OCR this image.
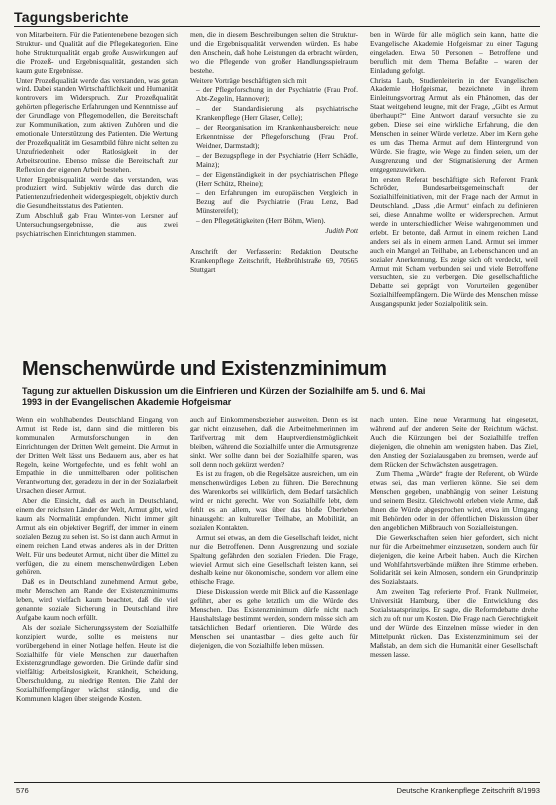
Tagungsberichte

von Mitarbeitern. Für die Patientenebene bezogen sich Struktur- und Qualität auf die Pflegekategorien. Eine hohe Strukturqualität ergab große Auswirkungen auf die Prozeß- und Ergebnisqualität, gestanden sich kaum gute Ergebnisse.

Unter Prozeßqualität werde das verstanden, was getan wird. Dabei standen Wirtschaftlichkeit und Humanität kontrovers im Widerspruch. Zur Prozeßqualität gehörten pflegerische Erfahrungen und Kenntnisse auf der Grundlage von Pflegemodellen, die Bereitschaft zur Kommunikation, zum aktiven Zuhören und die emotionale Unterstützung des Patienten. Die Wertung der Prozeßqualität im Gesamtbild führe nicht selten zu Unzufriedenheit oder Ratlosigkeit in der Arbeitsroutine. Ebenso müsse die Bereitschaft zur Reflexion der eigenen Arbeit bestehen.

Unter Ergebnisqualität werde das verstanden, was produziert wird. Subjektiv würde das durch die Patientenzufriedenheit widergespiegelt, objektiv durch die Gesundheitsstatus des Patienten.

Zum Abschluß gab Frau Winter-von Lersner auf Untersuchungsergebnisse, die aus zwei psychiatrischen Einrichtungen stammen.

men, die in diesem Beschreibungen selten die Struktur- und die Ergebnisqualität verwenden würden. Es habe den Anschein, daß hohe Leistungen da erbracht würden, wo die Pflegende von großer Handlungsspielraum bestehe.

Weitere Vorträge beschäftigten sich mit

– der Pflegeforschung in der Psychiatrie (Frau Prof. Abt-Zegelin, Hannover);

– der Standardisierung als psychiatrische Krankenpflege (Herr Glaser, Celle);

– der Reorganisation im Krankenhausbereich: neue Erkenntnisse der Pflegeforschung (Frau Prof. Weidner, Darmstadt);

– der Bezugspflege in der Psychiatrie (Herr Schädle, Mainz);

– der Eigenständigkeit in der psychiatrischen Pflege (Herr Schütz, Rheine);

– den Erfahrungen im europäischen Vergleich in Bezug auf die Psychiatrie (Frau Lenz, Bad Münstereifel);

– den Pflegetätigkeiten (Herr Böhm, Wien).

Judith Pott

Anschrift der Verfasserin: Redaktion Deutsche Krankenpflege Zeitschrift, Heßbrühlstraße 69, 70565 Stuttgart

ben in Würde für alle möglich sein kann, hatte die Evangelische Akademie Hofgeismar zu einer Tagung eingeladen. Etwa 50 Personen – Betroffene und beruflich mit dem Thema Befaßte – waren der Einladung gefolgt.

Christa Laub, Studienleiterin in der Evangelischen Akademie Hofgeismar, bezeichnete in ihrem Einleitungsvortrag Armut als ein Phänomen, das der Staat weitgehend leugne, mit der Frage, „Gibt es Armut überhaupt?“ Eine Antwort darauf versuchte sie zu geben. Diese sei eine wirkliche Erfahrung, die den Menschen in seiner Würde verletze. Aber im Kern gehe es um das Thema Armut auf dem Hintergrund von Würde. Sie fragte, wie Wege zu finden seien, um der Ausgrenzung und der Stigmatisierung der Armen entgegenzuwirken.

Im ersten Referat beschäftigte sich Referent Frank Schröder, Bundesarbeitsgemeinschaft der Sozialhilfeinitiativen, mit der Frage nach der Armut in Deutschland. „Dass ‚die Armut‘ einfach zu definieren sei, diese Annahme wollte er widersprechen. Armut werde in unterschiedlicher Weise wahrgenommen und erlebt. Er betonte, daß Armut in einem reichen Land anders sei als in einem armen Land. Armut sei immer auch ein Mangel an Teilhabe, an Lebenschancen und an sozialer Anerkennung. Es zeige sich oft verdeckt, weil Armut mit Scham verbunden sei und viele Betroffene versuchten, sie zu verbergen. Die gesellschaftliche Debatte sei geprägt von Vorurteilen gegenüber Sozialhilfeempfängern. Die Würde des Menschen müsse Ausgangspunkt jeder Sozialpolitik sein.

Menschenwürde und Existenzminimum
Tagung zur aktuellen Diskussion um die Einfrieren und Kürzen der Sozialhilfe am 5. und 6. Mai 1993 in der Evangelischen Akademie Hofgeismar

Wenn ein wohlhabendes Deutschland Eingang von Armut ist Rede ist, dann sind die mittleren bis kommunalen Armutsforschungen in den Einrichtungen der Dritten Welt gemeint. Die Armut in der Dritten Welt lässt uns Bedauern aus, aber es hat Regeln, keine Wortgefechte, und es fehlt wohl an Empathie in die unmittelbaren oder politischen Verantwortung der, geradezu in der in der Sozialarbeit Ursachen dieser Armut.

Aber die Einsicht, daß es auch in Deutschland, einem der reichsten Länder der Welt, Armut gibt, wird kaum als Normalität empfunden. Nicht immer gilt Armut als ein objektiver Begriff, der immer in einem sozialen Bezug zu sehen ist. So ist dann auch Armut in einem reichen Land etwas anderes als in der Dritten Welt. Für uns bedeutet Armut, nicht über die Mittel zu verfügen, die zu einem menschenwürdigen Leben gehören.

Daß es in Deutschland zunehmend Armut gebe, mehr Menschen am Rande der Existenzminimums leben, wird vielfach kaum beachtet, daß die viel genannte soziale Sicherung in Deutschland ihre Aufgabe kaum noch erfüllt.

Als der soziale Sicherungssystem der Sozialhilfe konzipiert wurde, sollte es meistens nur vorübergehend in einer Notlage helfen. Heute ist die Sozialhilfe für viele Menschen zur dauerhaften Existenzgrundlage geworden. Die Gründe dafür sind vielfältig: Arbeitslosigkeit, Krankheit, Scheidung, Überschuldung, zu niedrige Renten. Die Zahl der Sozialhilfeempfänger wächst ständig, und die Kommunen klagen über steigende Kosten.

auch auf Einkommensbezieher ausweiten. Denn es ist gar nicht einzusehen, daß die Arbeitnehmerinnen im Tarifvertrag mit dem Hauptverdienstmöglichkeit bleiben, während die Sozialhilfe unter die Armutsgrenze sinkt. Wer sollte dann bei der Sozialhilfe sparen, was soll denn noch gekürzt werden?

Es ist zu fragen, ob die Regelsätze ausreichen, um ein menschenwürdiges Leben zu führen. Die Berechnung des Warenkorbs sei willkürlich, dem Bedarf tatsächlich wird er nicht gerecht. Wer von Sozialhilfe lebt, dem fehlt es an allem, was über das bloße Überleben hinausgeht: an kultureller Teilhabe, an Mobilität, an sozialen Kontakten.

Armut sei etwas, an dem die Gesellschaft leidet, nicht nur die Betroffenen. Denn Ausgrenzung und soziale Spaltung gefährden den sozialen Frieden. Die Frage, wieviel Armut sich eine Gesellschaft leisten kann, sei deshalb keine nur ökonomische, sondern vor allem eine ethische Frage.

Diese Diskussion werde mit Blick auf die Kassenlage geführt, aber es gehe letztlich um die Würde des Menschen. Das Existenzminimum dürfe nicht nach Haushaltslage bestimmt werden, sondern müsse sich am tatsächlichen Bedarf orientieren. Die Würde des Menschen sei unantastbar – dies gelte auch für diejenigen, die von Sozialhilfe leben müssen.

nach unten. Eine neue Verarmung hat eingesetzt, während auf der anderen Seite der Reichtum wächst. Auch die Kürzungen bei der Sozialhilfe treffen diejenigen, die ohnehin am wenigsten haben. Das Ziel, den Anstieg der Sozialausgaben zu bremsen, werde auf dem Rücken der Schwächsten ausgetragen.

Zum Thema „Würde“ fragte der Referent, ob Würde etwas sei, das man verlieren könne. Sie sei dem Menschen gegeben, unabhängig von seiner Leistung und seinem Besitz. Gleichwohl erleben viele Arme, daß ihnen die Würde abgesprochen wird, etwa im Umgang mit Behörden oder in der öffentlichen Diskussion über den angeblichen Mißbrauch von Sozialleistungen.

Die Gewerkschaften seien hier gefordert, sich nicht nur für die Arbeitnehmer einzusetzen, sondern auch für diejenigen, die keine Arbeit haben. Auch die Kirchen und Wohlfahrtsverbände müßten ihre Stimme erheben. Solidarität sei kein Almosen, sondern ein Grundprinzip des Sozialstaats.

Am zweiten Tag referierte Prof. Frank Nullmeier, Universität Hamburg, über die Entwicklung des Sozialstaatsprinzips. Er sagte, die Reformdebatte drehe sich zu oft nur um Kosten. Die Frage nach Gerechtigkeit und der Würde des Einzelnen müsse wieder in den Mittelpunkt rücken. Das Existenzminimum sei der Maßstab, an dem sich die Humanität einer Gesellschaft messen lasse.

576	Deutsche Krankenpflege Zeitschrift 8/1993
